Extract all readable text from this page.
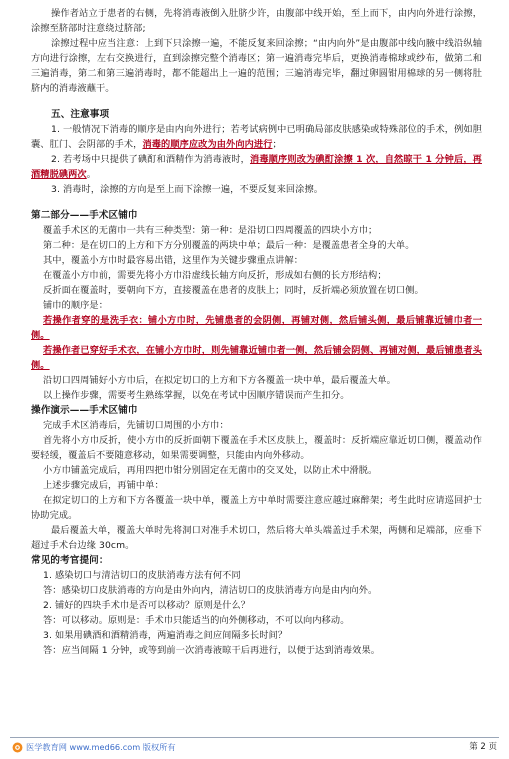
操作者站立于患者的右侧，先将消毒液倒入肚脐少许，由腹部中线开始，至上而下，由内向外进行涂擦，涂擦至脐部时注意绕过脐部;

涂擦过程中应当注意：上到下只涂擦一遍，不能反复来回涂擦；“由内向外”是由腹部中线向腋中线沿纵轴方向进行涂擦，左右交换进行，直到涂擦完整个消毒区；第一遍消毒完毕后，更换消毒棉球或纱布，做第二和三遍消毒，第二和第三遍消毒时，都不能超出上一遍的范围；三遍消毒完毕，翻过卵圆钳用棉球的另一侧将肚脐内的消毒液蘸干。

五、注意事项

1. 一般情况下消毒的顺序是由内向外进行；若考试病例中已明确局部皮肤感染或特殊部位的手术，例如胆囊、肛门、会阴部的手术，消毒的顺序应改为由外向内进行；

2. 若考场中只提供了碘酊和酒精作为消毒液时，消毒顺序则改为碘酊涂擦 1 次，自然晾干 1 分钟后，再酒精脱碘两次。

3. 消毒时，涂擦的方向是至上而下涂擦一遍，不要反复来回涂擦。

第二部分——手术区铺巾

覆盖手术区的无菌巾一共有三种类型：第一种：是沿切口四周覆盖的四块小方巾；

第二种：是在切口的上方和下方分别覆盖的两块中单；最后一种：是覆盖患者全身的大单。

其中，覆盖小方巾时最容易出错，这里作为关键步骤重点讲解：

在覆盖小方巾前，需要先将小方巾沿虚线长轴方向反折，形成如右侧的长方形结构；

反折面在覆盖时，要朝向下方，直接覆盖在患者的皮肤上；同时，反折端必须放置在切口侧。

铺巾的顺序是：

若操作者穿的是洗手衣：铺小方巾时，先铺患者的会阴侧，再铺对侧，然后铺头侧，最后铺靠近铺巾者一侧。

若操作者已穿好手术衣，在铺小方巾时，则先铺靠近铺巾者一侧，然后铺会阴侧、再铺对侧，最后铺患者头侧。

沿切口四周铺好小方巾后，在拟定切口的上方和下方各覆盖一块中单，最后覆盖大单。

以上操作步骤，需要考生熟练掌握，以免在考试中因顺序错误而产生扣分。

操作演示——手术区铺巾

完成手术区消毒后，先铺切口周围的小方巾：

首先将小方巾反折，使小方巾的反折面朝下覆盖在手术区皮肤上，覆盖时：反折端应靠近切口侧，覆盖动作要轻缓，覆盖后不要随意移动，如果需要调整，只能由内向外移动。

小方巾铺盖完成后，再用四把巾钳分别固定在无菌巾的交叉处，以防止术中滑脱。

上述步骤完成后，再铺中单：

在拟定切口的上方和下方各覆盖一块中单，覆盖上方中单时需要注意应越过麻醉架；考生此时应请巡回护士协助完成。

最后覆盖大单，覆盖大单时先将洞口对准手术切口，然后将大单头端盖过手术架，两侧和足端部，应垂下超过手术台边缘 30cm。

常见的考官提问：

1. 感染切口与清洁切口的皮肤消毒方法有何不同

答：感染切口皮肤消毒的方向是由外向内，清洁切口的皮肤消毒方向是由内向外。

2. 铺好的四块手术巾是否可以移动？原则是什么？

答：可以移动。原则是：手术巾只能适当的向外侧移动，不可以向内移动。

3. 如果用碘酒和酒精消毒，两遍消毒之间应间隔多长时间？

答：应当间隔 1 分钟，或等到前一次消毒液晾干后再进行，以便于达到消毒效果。

医学教育网 www.med66.com 版权所有	第 2 页
